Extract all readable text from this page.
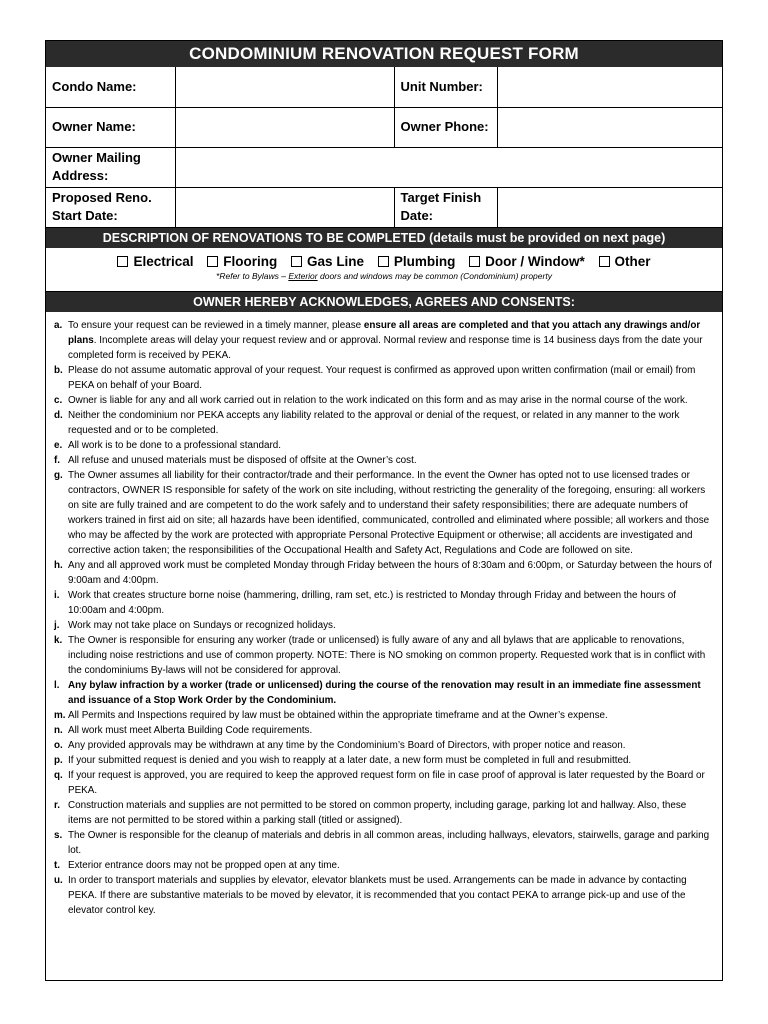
CONDOMINIUM RENOVATION REQUEST FORM
Condo Name:		Unit Number:	
Owner Name:		Owner Phone:	
Owner Mailing Address:			
Proposed Reno. Start Date:		Target Finish Date:	
DESCRIPTION OF RENOVATIONS TO BE COMPLETED (details must be provided on next page)
Electrical Flooring Gas Line Plumbing Door / Window* Other
*Refer to Bylaws – Exterior doors and windows may be common (Condominium) property
OWNER HEREBY ACKNOWLEDGES, AGREES AND CONSENTS:
a. To ensure your request can be reviewed in a timely manner, please ensure all areas are completed and that you attach any drawings and/or plans. Incomplete areas will delay your request review and or approval. Normal review and response time is 14 business days from the date your completed form is received by PEKA.
b. Please do not assume automatic approval of your request. Your request is confirmed as approved upon written confirmation (mail or email) from PEKA on behalf of your Board.
c. Owner is liable for any and all work carried out in relation to the work indicated on this form and as may arise in the normal course of the work.
d. Neither the condominium nor PEKA accepts any liability related to the approval or denial of the request, or related in any manner to the work requested and or to be completed.
e. All work is to be done to a professional standard.
f. All refuse and unused materials must be disposed of offsite at the Owner’s cost.
g. The Owner assumes all liability for their contractor/trade and their performance. In the event the Owner has opted not to use licensed trades or contractors, OWNER IS responsible for safety of the work on site including, without restricting the generality of the foregoing, ensuring: all workers on site are fully trained and are competent to do the work safely and to understand their safety responsibilities; there are adequate numbers of workers trained in first aid on site; all hazards have been identified, communicated, controlled and eliminated where possible; all workers and those who may be affected by the work are protected with appropriate Personal Protective Equipment or otherwise; all accidents are investigated and corrective action taken; the responsibilities of the Occupational Health and Safety Act, Regulations and Code are followed on site.
h. Any and all approved work must be completed Monday through Friday between the hours of 8:30am and 6:00pm, or Saturday between the hours of 9:00am and 4:00pm.
i. Work that creates structure borne noise (hammering, drilling, ram set, etc.) is restricted to Monday through Friday and between the hours of 10:00am and 4:00pm.
j. Work may not take place on Sundays or recognized holidays.
k. The Owner is responsible for ensuring any worker (trade or unlicensed) is fully aware of any and all bylaws that are applicable to renovations, including noise restrictions and use of common property. NOTE: There is NO smoking on common property. Requested work that is in conflict with the condominiums By-laws will not be considered for approval.
l. Any bylaw infraction by a worker (trade or unlicensed) during the course of the renovation may result in an immediate fine assessment and issuance of a Stop Work Order by the Condominium.
m. All Permits and Inspections required by law must be obtained within the appropriate timeframe and at the Owner’s expense.
n. All work must meet Alberta Building Code requirements.
o. Any provided approvals may be withdrawn at any time by the Condominium’s Board of Directors, with proper notice and reason.
p. If your submitted request is denied and you wish to reapply at a later date, a new form must be completed in full and resubmitted.
q. If your request is approved, you are required to keep the approved request form on file in case proof of approval is later requested by the Board or PEKA.
r. Construction materials and supplies are not permitted to be stored on common property, including garage, parking lot and hallway. Also, these items are not permitted to be stored within a parking stall (titled or assigned).
s. The Owner is responsible for the cleanup of materials and debris in all common areas, including hallways, elevators, stairwells, garage and parking lot.
t. Exterior entrance doors may not be propped open at any time.
u. In order to transport materials and supplies by elevator, elevator blankets must be used. Arrangements can be made in advance by contacting PEKA. If there are substantive materials to be moved by elevator, it is recommended that you contact PEKA to arrange pick-up and use of the elevator control key.
